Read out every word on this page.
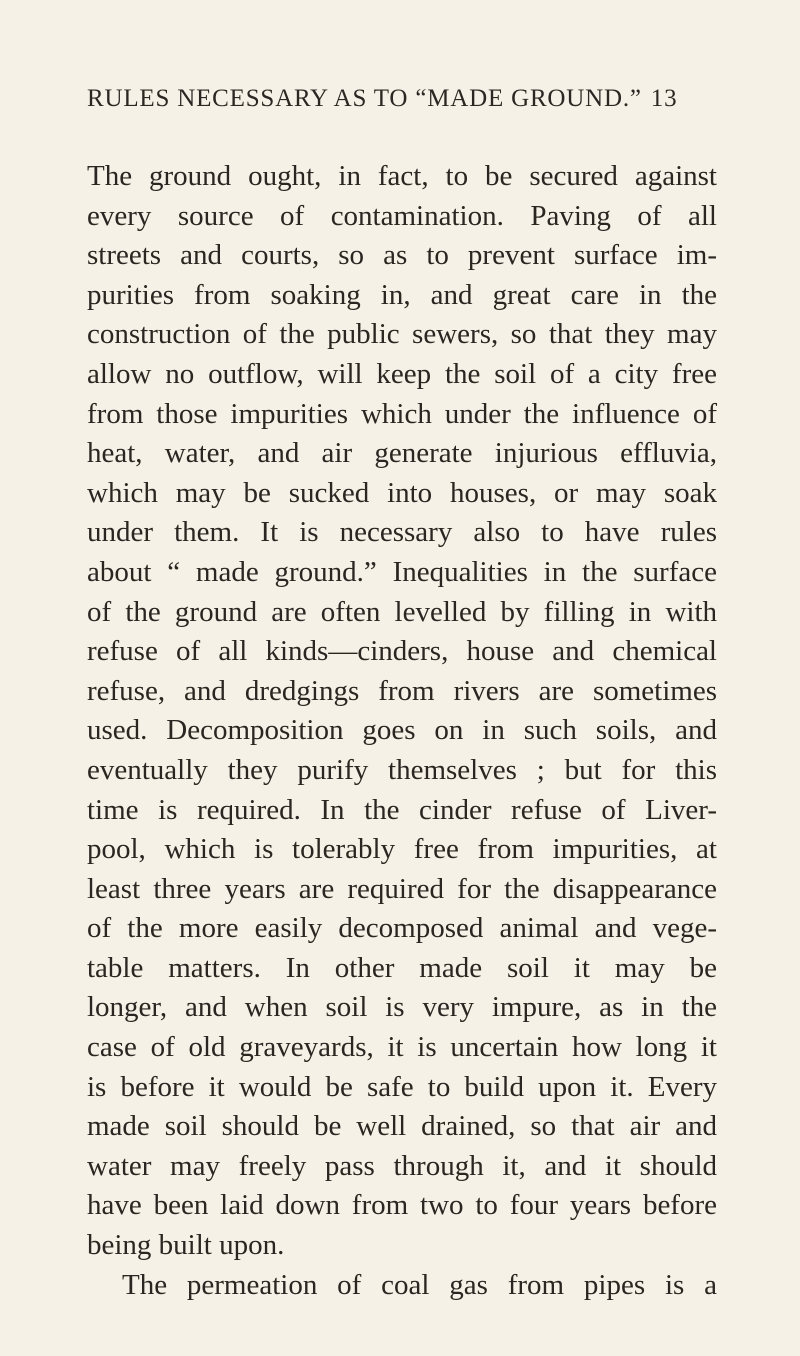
RULES NECESSARY AS TO “MADE GROUND.” 13
The ground ought, in fact, to be secured against
every source of contamination. Paving of all
streets and courts, so as to prevent surface im-
purities from soaking in, and great care in the
construction of the public sewers, so that they may
allow no outflow, will keep the soil of a city free
from those impurities which under the influence of
heat, water, and air generate injurious effluvia,
which may be sucked into houses, or may soak
under them. It is necessary also to have rules
about “ made ground.” Inequalities in the surface
of the ground are often levelled by filling in with
refuse of all kinds—cinders, house and chemical
refuse, and dredgings from rivers are sometimes
used. Decomposition goes on in such soils, and
eventually they purify themselves ; but for this
time is required. In the cinder refuse of Liver-
pool, which is tolerably free from impurities, at
least three years are required for the disappearance
of the more easily decomposed animal and vege-
table matters. In other made soil it may be
longer, and when soil is very impure, as in the
case of old graveyards, it is uncertain how long it
is before it would be safe to build upon it. Every
made soil should be well drained, so that air and
water may freely pass through it, and it should
have been laid down from two to four years before
being built upon.
The permeation of coal gas from pipes is a
